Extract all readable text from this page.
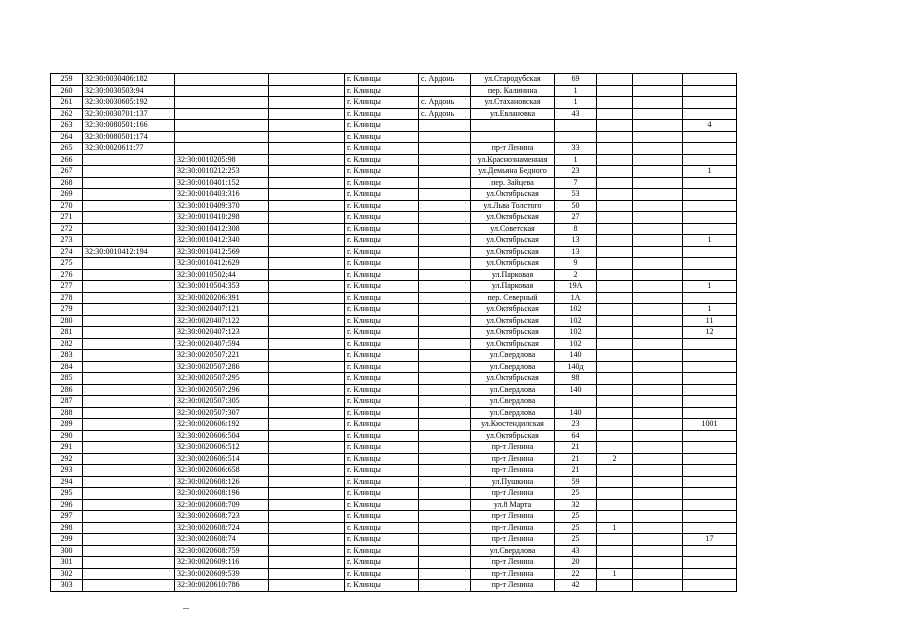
259	32:30:0030406:182			г. Клинцы	с. Ардонь	ул.Стародубская	69			
260	32:30:0030503:94			г. Клинцы		пер. Калинина	1			
261	32:30:0030605:192			г. Клинцы	с. Ардонь	ул.Стахановская	1			
262	32:30:0030701:137			г. Клинцы	с. Ардонь	ул.Евлановка	43			
263	32:30:0080501:166			г. Клинцы						4
264	32:30:0080501:174			г. Клинцы						
265	32:30:0020611:77			г. Клинцы		пр-т Ленина	33			
266		32:30:0010205:98		г. Клинцы		ул.Краснознаменная	1			
267		32:30:0010212:253		г. Клинцы		ул.Демьяна Бедного	23			1
268		32:30:0010401:152		г. Клинцы		пер. Зайцева	7			
269		32:30:0010403:316		г. Клинцы		ул.Октябрьская	53			
270		32:30:0010409:370		г. Клинцы		ул.Льва Толстого	50			
271		32:30:0010410:298		г. Клинцы		ул.Октябрьская	27			
272		32:30:0010412:308		г. Клинцы		ул.Советская	8			
273		32:30:0010412:340		г. Клинцы		ул.Октябрьская	13			1
274	32:30:0010412:194	32:30:0010412:569		г. Клинцы		ул.Октябрьская	13			
275		32:30:0010412:629		г. Клинцы		ул.Октябрьская	9			
276		32:30:0010502:44		г. Клинцы		ул.Парковая	2			
277		32:30:0010504:353		г. Клинцы		ул.Парковая	19А			1
278		32:30:0020206:391		г. Клинцы		пер. Северный	1А			
279		32:30:0020407:121		г. Клинцы		ул.Октябрьская	102			1
280		32:30:0020407:122		г. Клинцы		ул.Октябрьская	102			11
281		32:30:0020407:123		г. Клинцы		ул.Октябрьская	102			12
282		32:30:0020407:594		г. Клинцы		ул.Октябрьская	102			
283		32:30:0020507:221		г. Клинцы		ул.Свердлова	140			
284		32:30:0020507:286		г. Клинцы		ул.Свердлова	140д			
285		32:30:0020507:295		г. Клинцы		ул.Октябрьская	98			
286		32:30:0020507:296		г. Клинцы		ул.Свердлова	140			
287		32:30:0020507:305		г. Клинцы		ул.Свердлова				
288		32:30:0020507:307		г. Клинцы		ул.Свердлова	140			
289		32:30:0020606:192		г. Клинцы		ул.Кюстендилская	23			1001
290		32:30:0020606:504		г. Клинцы		ул.Октябрьская	64			
291		32:30:0020606:512		г. Клинцы		пр-т Ленина	21			
292		32:30:0020606:514		г. Клинцы		пр-т Ленина	21	2		
293		32:30:0020606:658		г. Клинцы		пр-т Ленина	21			
294		32:30:0020608:126		г. Клинцы		ул.Пушкина	59			
295		32:30:0020608:196		г. Клинцы		пр-т Ленина	25			
296		32:30:0020608:709		г. Клинцы		ул.8 Марта	32			
297		32:30:0020608:723		г. Клинцы		пр-т Ленина	25			
298		32:30:0020608:724		г. Клинцы		пр-т Ленина	25	1		
299		32:30:0020608:74		г. Клинцы		пр-т Ленина	25			17
300		32:30:0020608:759		г. Клинцы		ул.Свердлова	43			
301		32:30:0020609:116		г. Клинцы		пр-т Ленина	20			
302		32:30:0020609:539		г. Клинцы		пр-т Ленина	22	1		
303		32:30:0020610:786		г. Клинцы		пр-т Ленина	42			
